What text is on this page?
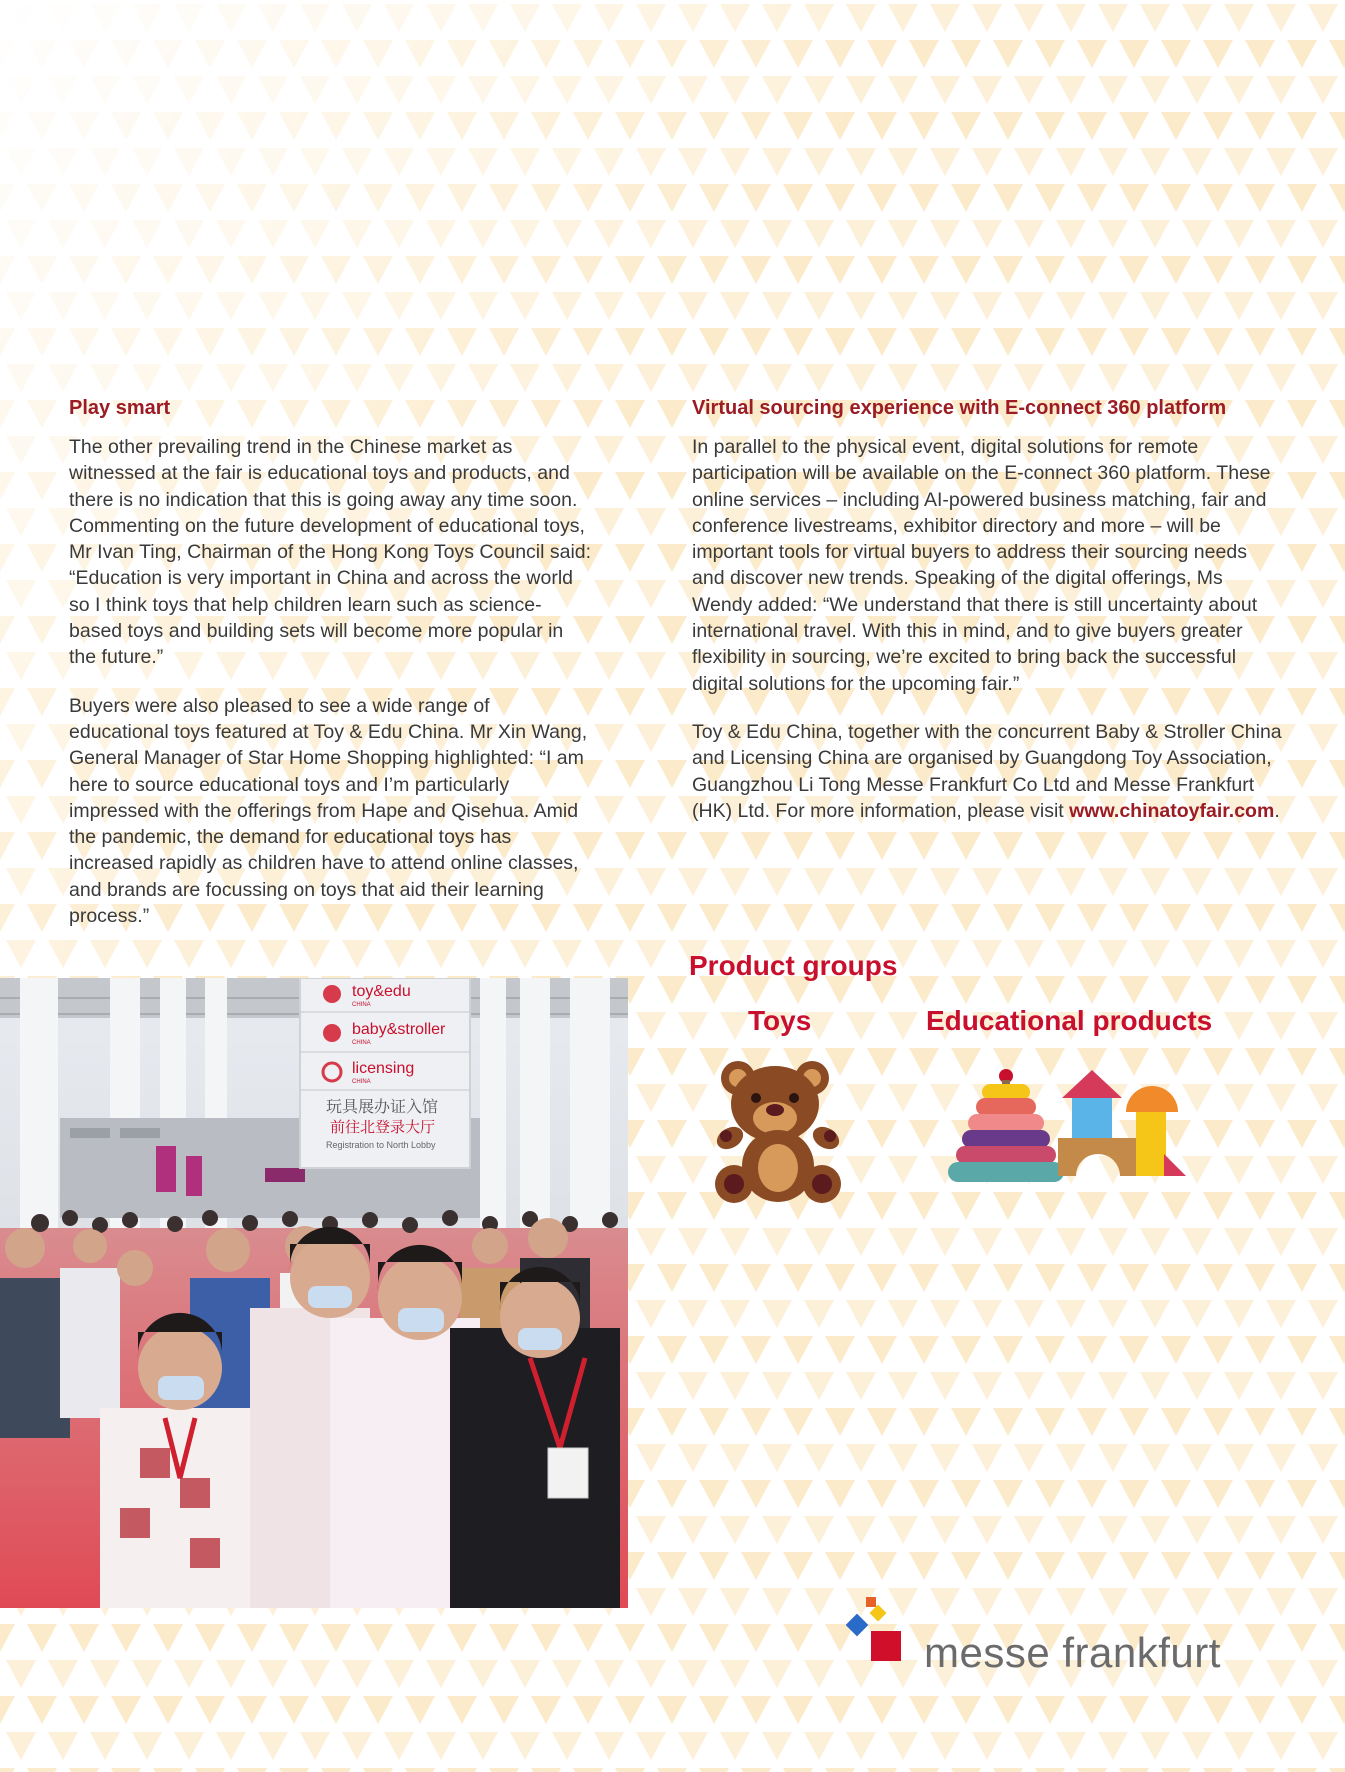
Play smart

The other prevailing trend in the Chinese market as witnessed at the fair is educational toys and products, and there is no indication that this is going away any time soon. Commenting on the future development of educational toys, Mr Ivan Ting, Chairman of the Hong Kong Toys Council said: “Education is very important in China and across the world so I think toys that help children learn such as science-based toys and building sets will become more popular in the future.”

Buyers were also pleased to see a wide range of educational toys featured at Toy & Edu China. Mr Xin Wang, General Manager of Star Home Shopping highlighted: “I am here to source educational toys and I’m particularly impressed with the offerings from Hape and Qisehua. Amid the pandemic, the demand for educational toys has increased rapidly as children have to attend online classes, and brands are focussing on toys that aid their learning process.”

Virtual sourcing experience with E-connect 360 platform

In parallel to the physical event, digital solutions for remote participation will be available on the E-connect 360 platform. These online services – including AI-powered business matching, fair and conference livestreams, exhibitor directory and more – will be important tools for virtual buyers to address their sourcing needs and discover new trends. Speaking of the digital offerings, Ms Wendy added: “We understand that there is still uncertainty about international travel. With this in mind, and to give buyers greater flexibility in sourcing, we’re excited to bring back the successful digital solutions for the upcoming fair.”

Toy & Edu China, together with the concurrent Baby & Stroller China and Licensing China are organised by Guangdong Toy Association, Guangzhou Li Tong Messe Frankfurt Co Ltd and Messe Frankfurt (HK) Ltd. For more information, please visit www.chinatoyfair.com.

toy&edu
CHINA
baby&stroller
CHINA
licensing
CHINA
玩具展办证入馆
前往北登录大厅
Registration to North Lobby
Product groups
Toys	Educational products
messe frankfurt
